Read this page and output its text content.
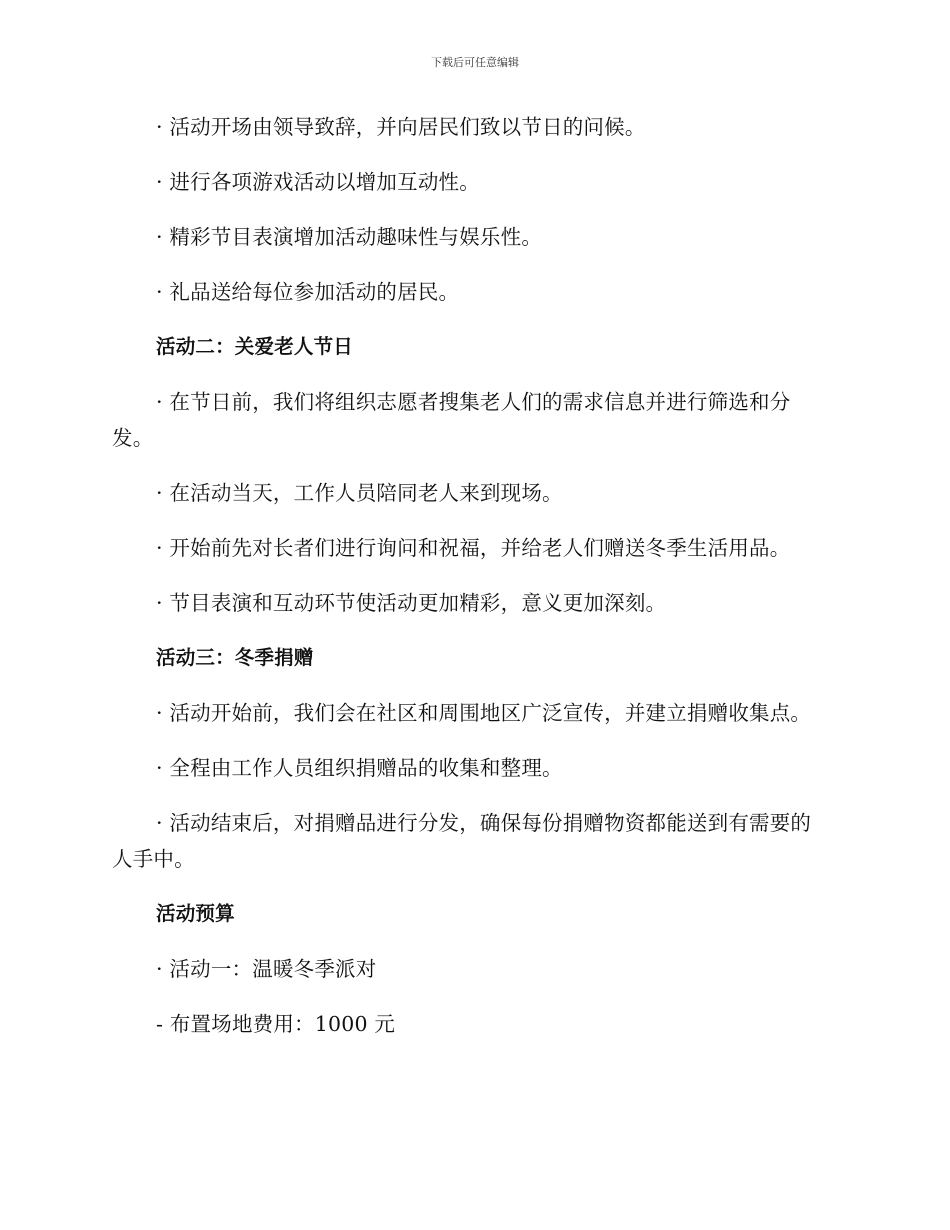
下载后可任意编辑

· 活动开场由领导致辞，并向居民们致以节日的问候。

· 进行各项游戏活动以增加互动性。

· 精彩节目表演增加活动趣味性与娱乐性。

· 礼品送给每位参加活动的居民。

活动二：关爱老人节日

· 在节日前，我们将组织志愿者搜集老人们的需求信息并进行筛选和分发。

· 在活动当天，工作人员陪同老人来到现场。

· 开始前先对长者们进行询问和祝福，并给老人们赠送冬季生活用品。

· 节目表演和互动环节使活动更加精彩，意义更加深刻。

活动三：冬季捐赠

· 活动开始前，我们会在社区和周围地区广泛宣传，并建立捐赠收集点。

· 全程由工作人员组织捐赠品的收集和整理。

· 活动结束后，对捐赠品进行分发，确保每份捐赠物资都能送到有需要的人手中。

活动预算

· 活动一：温暖冬季派对

- 布置场地费用：1000 元
